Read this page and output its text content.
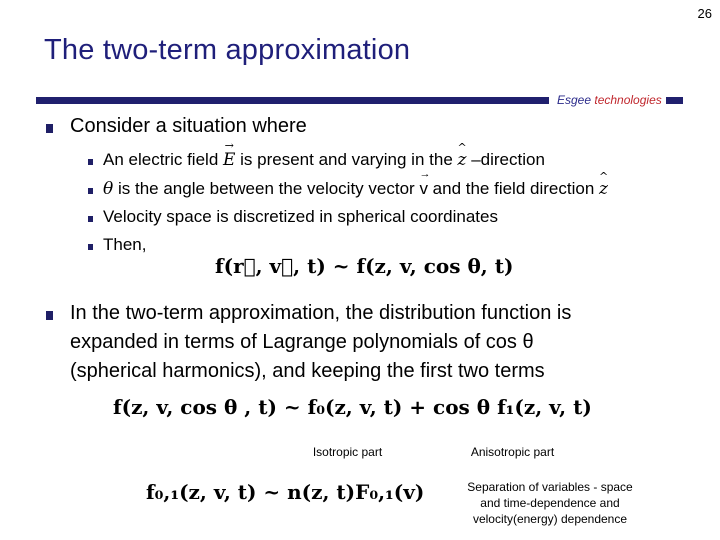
26
The two-term approximation
Esgee technologies
Consider a situation where
An electric field → E is present and varying in the ^ z –direction
θ is the angle between the velocity vector → v and the field direction ^ z
Velocity space is discretized in spherical coordinates
Then,
f(r⃗, v⃗, t) ~ f(z, v, cos θ, t)
In the two-term approximation, the distribution function is
expanded in terms of Lagrange polynomials of cos θ
(spherical harmonics), and keeping the first two terms
f(z, v, cos θ , t) ~ f₀(z, v, t) + cos θ f₁(z, v, t)
Isotropic part	Anisotropic part
f₀,₁(z, v, t) ~ n(z, t)F₀,₁(v)	Separation of variables - space
and time-dependence and
velocity(energy) dependence
